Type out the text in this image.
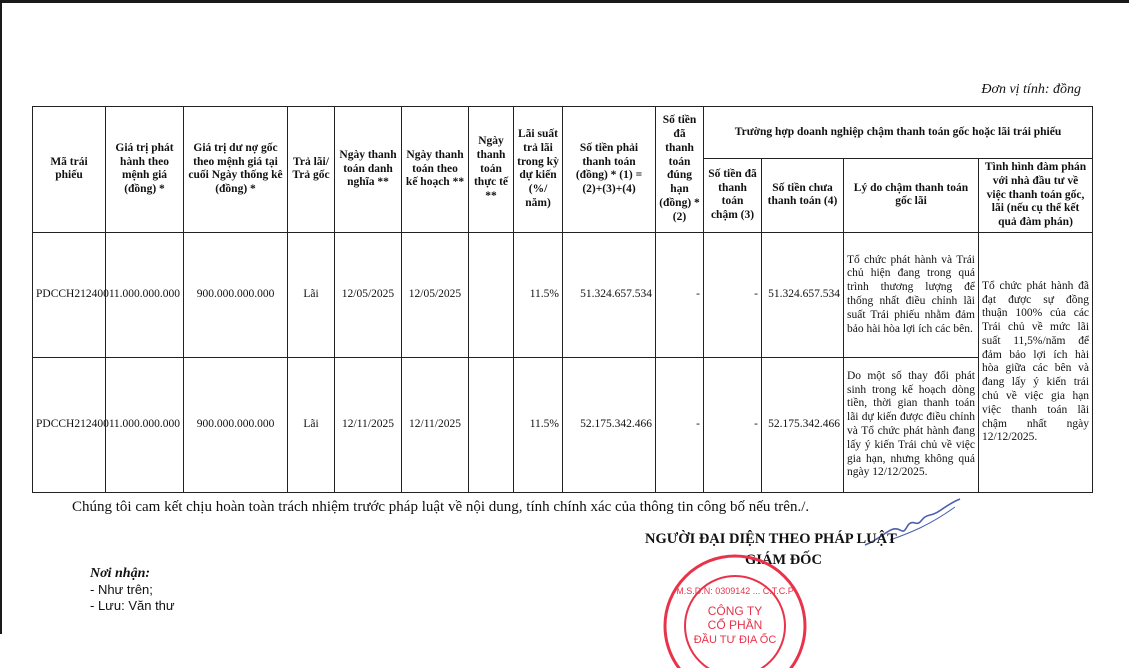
Đơn vị tính: đồng
Mã trái phiếu	Giá trị phát hành theo mệnh giá (đồng) *	Giá trị dư nợ gốc theo mệnh giá tại cuối Ngày thống kê (đồng) *	Trả lãi/ Trả gốc	Ngày thanh toán danh nghĩa **	Ngày thanh toán theo kế hoạch **	Ngày thanh toán thực tế **	Lãi suất trả lãi trong kỳ dự kiến (%/ năm)	Số tiền phải thanh toán (đồng) * (1) = (2)+(3)+(4)	Số tiền đã thanh toán đúng hạn (đồng) * (2)	Trường hợp doanh nghiệp chậm thanh toán gốc hoặc lãi trái phiếu			
										Số tiền đã thanh toán chậm (3)	Số tiền chưa thanh toán (4)	Lý do chậm thanh toán gốc lãi	Tình hình đàm phán với nhà đầu tư về việc thanh toán gốc, lãi (nếu cụ thể kết quả đàm phán)
PDCCH2124001	1.000.000.000	900.000.000.000	Lãi	12/05/2025	12/05/2025		11.5%	51.324.657.534	-	-	51.324.657.534	Tổ chức phát hành và Trái chủ hiện đang trong quá trình thương lượng để thống nhất điều chỉnh lãi suất Trái phiếu nhằm đảm bảo hài hòa lợi ích các bên.	Tổ chức phát hành đã đạt được sự đồng thuận 100% của các Trái chủ về mức lãi suất 11,5%/năm để đảm bảo lợi ích hài hòa giữa các bên và đang lấy ý kiến trái chủ về việc gia hạn việc thanh toán lãi chậm nhất ngày 12/12/2025.
PDCCH2124001	1.000.000.000	900.000.000.000	Lãi	12/11/2025	12/11/2025		11.5%	52.175.342.466	-	-	52.175.342.466	Do một số thay đổi phát sinh trong kế hoạch dòng tiền, thời gian thanh toán lãi dự kiến được điều chỉnh và Tổ chức phát hành đang lấy ý kiến Trái chủ về việc gia hạn, nhưng không quá ngày 12/12/2025.	
Chúng tôi cam kết chịu hoàn toàn trách nhiệm trước pháp luật về nội dung, tính chính xác của thông tin công bố nếu trên./.
NGƯỜI ĐẠI DIỆN THEO PHÁP LUẬT
GIÁM ĐỐC
M.S.D.N: 0309142 ... C.T.C.P
CÔNG TY
CỔ PHẦN
ĐẦU TƯ ĐỊA ỐC
Nơi nhận:
- Như trên;
- Lưu: Văn thư
